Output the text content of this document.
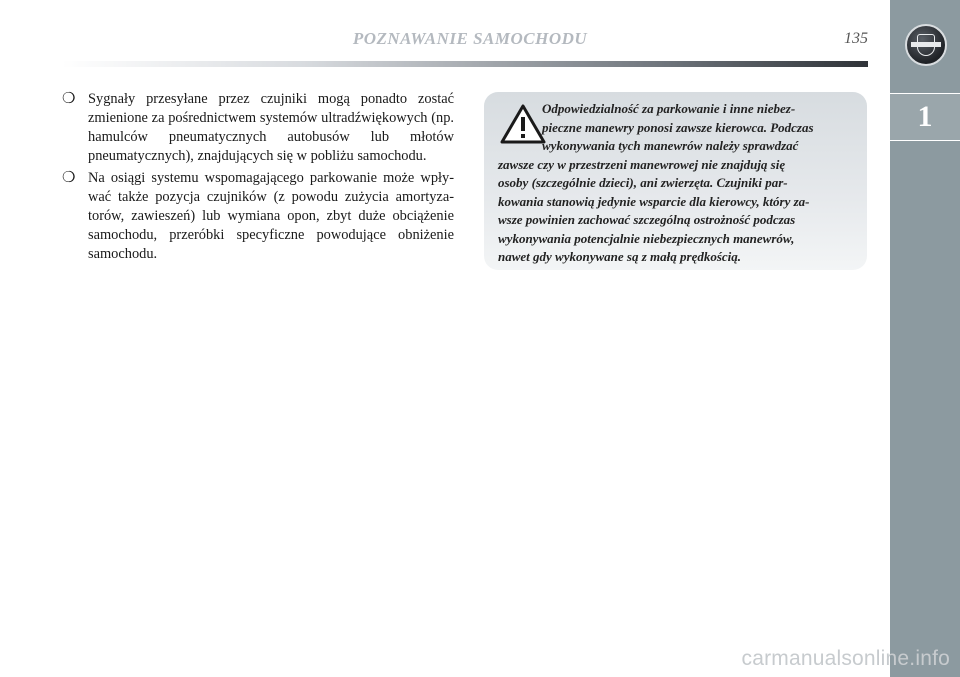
POZNAWANIE SAMOCHODU	135
1
❍ Sygnały przesyłane przez czujniki mogą ponadto zostać zmienione za pośrednictwem systemów ultradźwiękowych (np. hamulców pneumatycznych autobusów lub młotów pneumatycznych), znajdujących się w pobliżu samochodu.
❍ Na osiągi systemu wspomagającego parkowanie może wpły-wać także pozycja czujników (z powodu zużycia amortyza-torów, zawieszeń) lub wymiana opon, zbyt duże obciążenie samochodu, przeróbki specyficzne powodujące obniżenie samochodu.
Odpowiedzialność za parkowanie i inne niebez-
pieczne manewry ponosi zawsze kierowca. Podczas
wykonywania tych manewrów należy sprawdzać
zawsze czy w przestrzeni manewrowej nie znajdują się
osoby (szczególnie dzieci), ani zwierzęta. Czujniki par-
kowania stanowią jedynie wsparcie dla kierowcy, który za-
wsze powinien zachować szczególną ostrożność podczas
wykonywania potencjalnie niebezpiecznych manewrów,
nawet gdy wykonywane są z małą prędkością.
carmanualsonline.info
